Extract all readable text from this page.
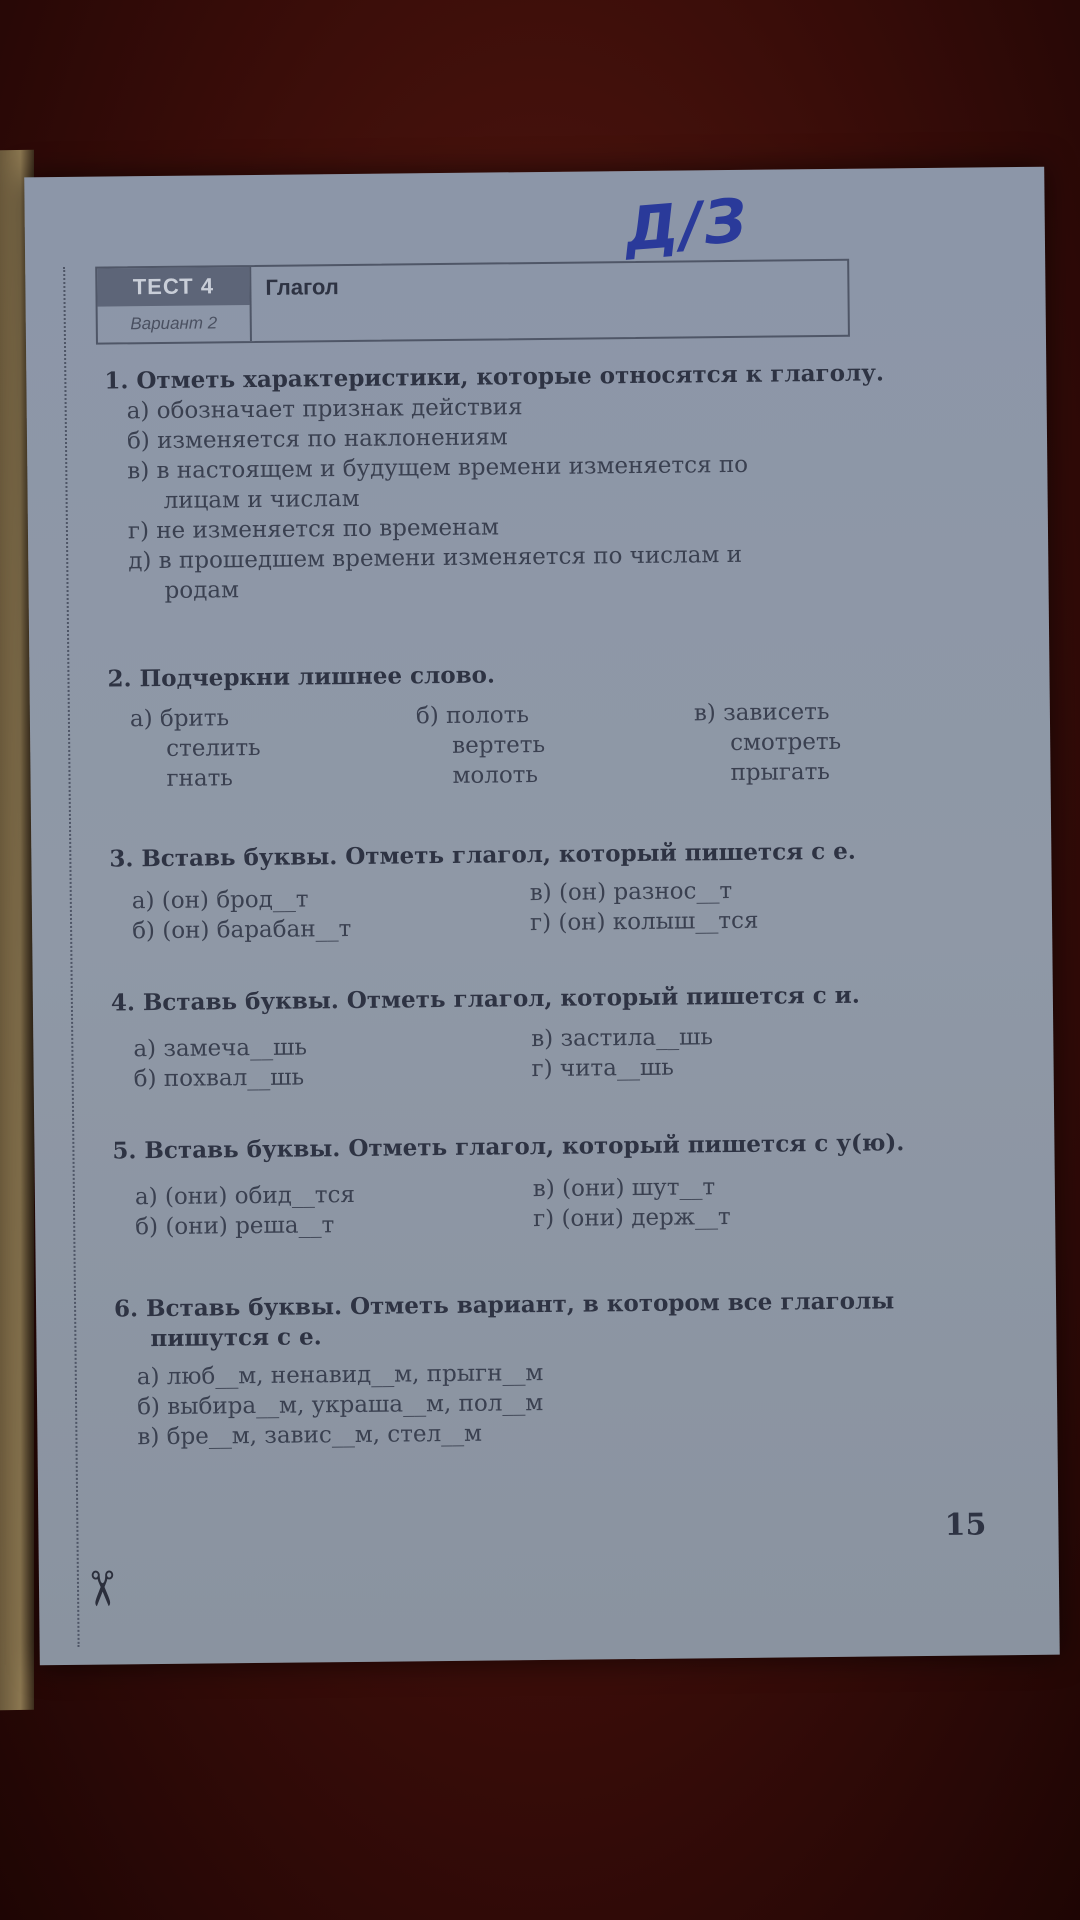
✂
Д/З
ТЕСТ 4
Вариант 2
Глагол
1. Отметь характеристики, которые относятся к глаголу.
а) обозначает признак действия
б) изменяется по наклонениям
в) в настоящем и будущем времени изменяется по
лицам и числам
г) не изменяется по временам
д) в прошедшем времени изменяется по числам и
родам
2. Подчеркни лишнее слово.
а) брить
стелить
гнать
б) полоть
вертеть
молоть
в) зависеть
смотреть
прыгать
3. Вставь буквы. Отметь глагол, который пишется с е.
а) (он) брод__т
б) (он) барабан__т
в) (он) разнос__т
г) (он) колыш__тся
4. Вставь буквы. Отметь глагол, который пишется с и.
а) замеча__шь
б) похвал__шь
в) застила__шь
г) чита__шь
5. Вставь буквы. Отметь глагол, который пишется с у(ю).
а) (они) обид__тся
б) (они) реша__т
в) (они) шут__т
г) (они) держ__т
6. Вставь буквы. Отметь вариант, в котором все глаголы
пишутся с е.
а) люб__м, ненавид__м, прыгн__м
б) выбира__м, украша__м, пол__м
в) бре__м, завис__м, стел__м
15
